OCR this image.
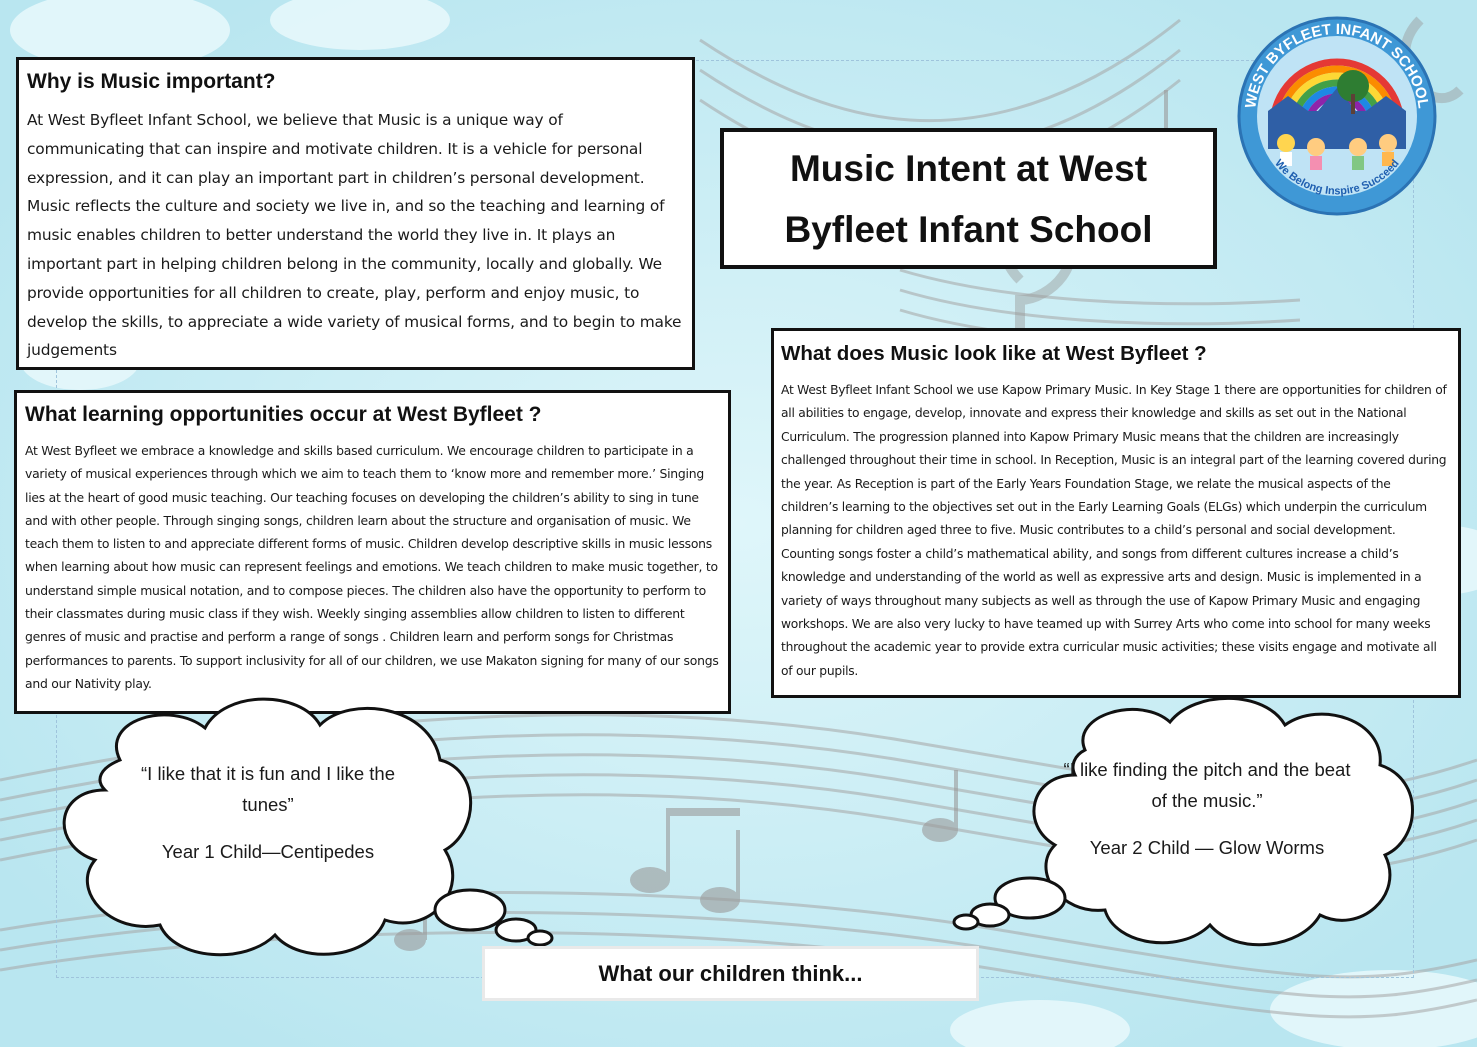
Why is Music important?

At West Byfleet Infant School, we believe that Music is a unique way of communicating that can inspire and motivate children. It is a vehicle for personal expression, and it can play an important part in children’s personal development. Music reflects the culture and society we live in, and so the teaching and learning of music enables children to better understand the world they live in. It plays an important part in helping children belong in the community, locally and globally. We provide opportunities for all children to create, play, perform and enjoy music, to develop the skills, to appreciate a wide variety of musical forms, and to begin to make judgements

Music Intent at West Byfleet Infant School
What learning opportunities occur at West Byfleet ?

At West Byfleet we embrace a knowledge and skills based curriculum. We encourage children to participate in a variety of musical experiences through which we aim to teach them to ‘know more and remember more.’ Singing lies at the heart of good music teaching. Our teaching focuses on developing the children’s ability to sing in tune and with other people. Through singing songs, children learn about the structure and organisation of music. We teach them to listen to and appreciate different forms of music. Children develop descriptive skills in music lessons when learning about how music can represent feelings and emotions. We teach children to make music together, to understand simple musical notation, and to compose pieces. The children also have the opportunity to perform to their classmates during music class if they wish. Weekly singing assemblies allow children to listen to different genres of music and practise and perform a range of songs . Children learn and perform songs for Christmas performances to parents. To support inclusivity for all of our children, we use Makaton signing for many of our songs and our Nativity play.

What does Music look like at West Byfleet ?

At West Byfleet Infant School we use Kapow Primary Music. In Key Stage 1 there are opportunities for children of all abilities to engage, develop, innovate and express their knowledge and skills as set out in the National Curriculum. The progression planned into Kapow Primary Music means that the children are increasingly challenged throughout their time in school. In Reception, Music is an integral part of the learning covered during the year. As Reception is part of the Early Years Foundation Stage, we relate the musical aspects of the children’s learning to the objectives set out in the Early Learning Goals (ELGs) which underpin the curriculum planning for children aged three to five. Music contributes to a child’s personal and social development. Counting songs foster a child’s mathematical ability, and songs from different cultures increase a child’s knowledge and understanding of the world as well as expressive arts and design. Music is implemented in a variety of ways throughout many subjects as well as through the use of Kapow Primary Music and engaging workshops. We are also very lucky to have teamed up with Surrey Arts who come into school for many weeks throughout the academic year to provide extra curricular music activities; these visits engage and motivate all of our pupils.

“I like that it is fun and I like the tunes”

Year 1 Child—Centipedes

“I like finding the pitch and the beat of the music.”

Year 2 Child — Glow Worms

What our children think...
WEST BYFLEET INFANT SCHOOL
We Belong Inspire Succeed
